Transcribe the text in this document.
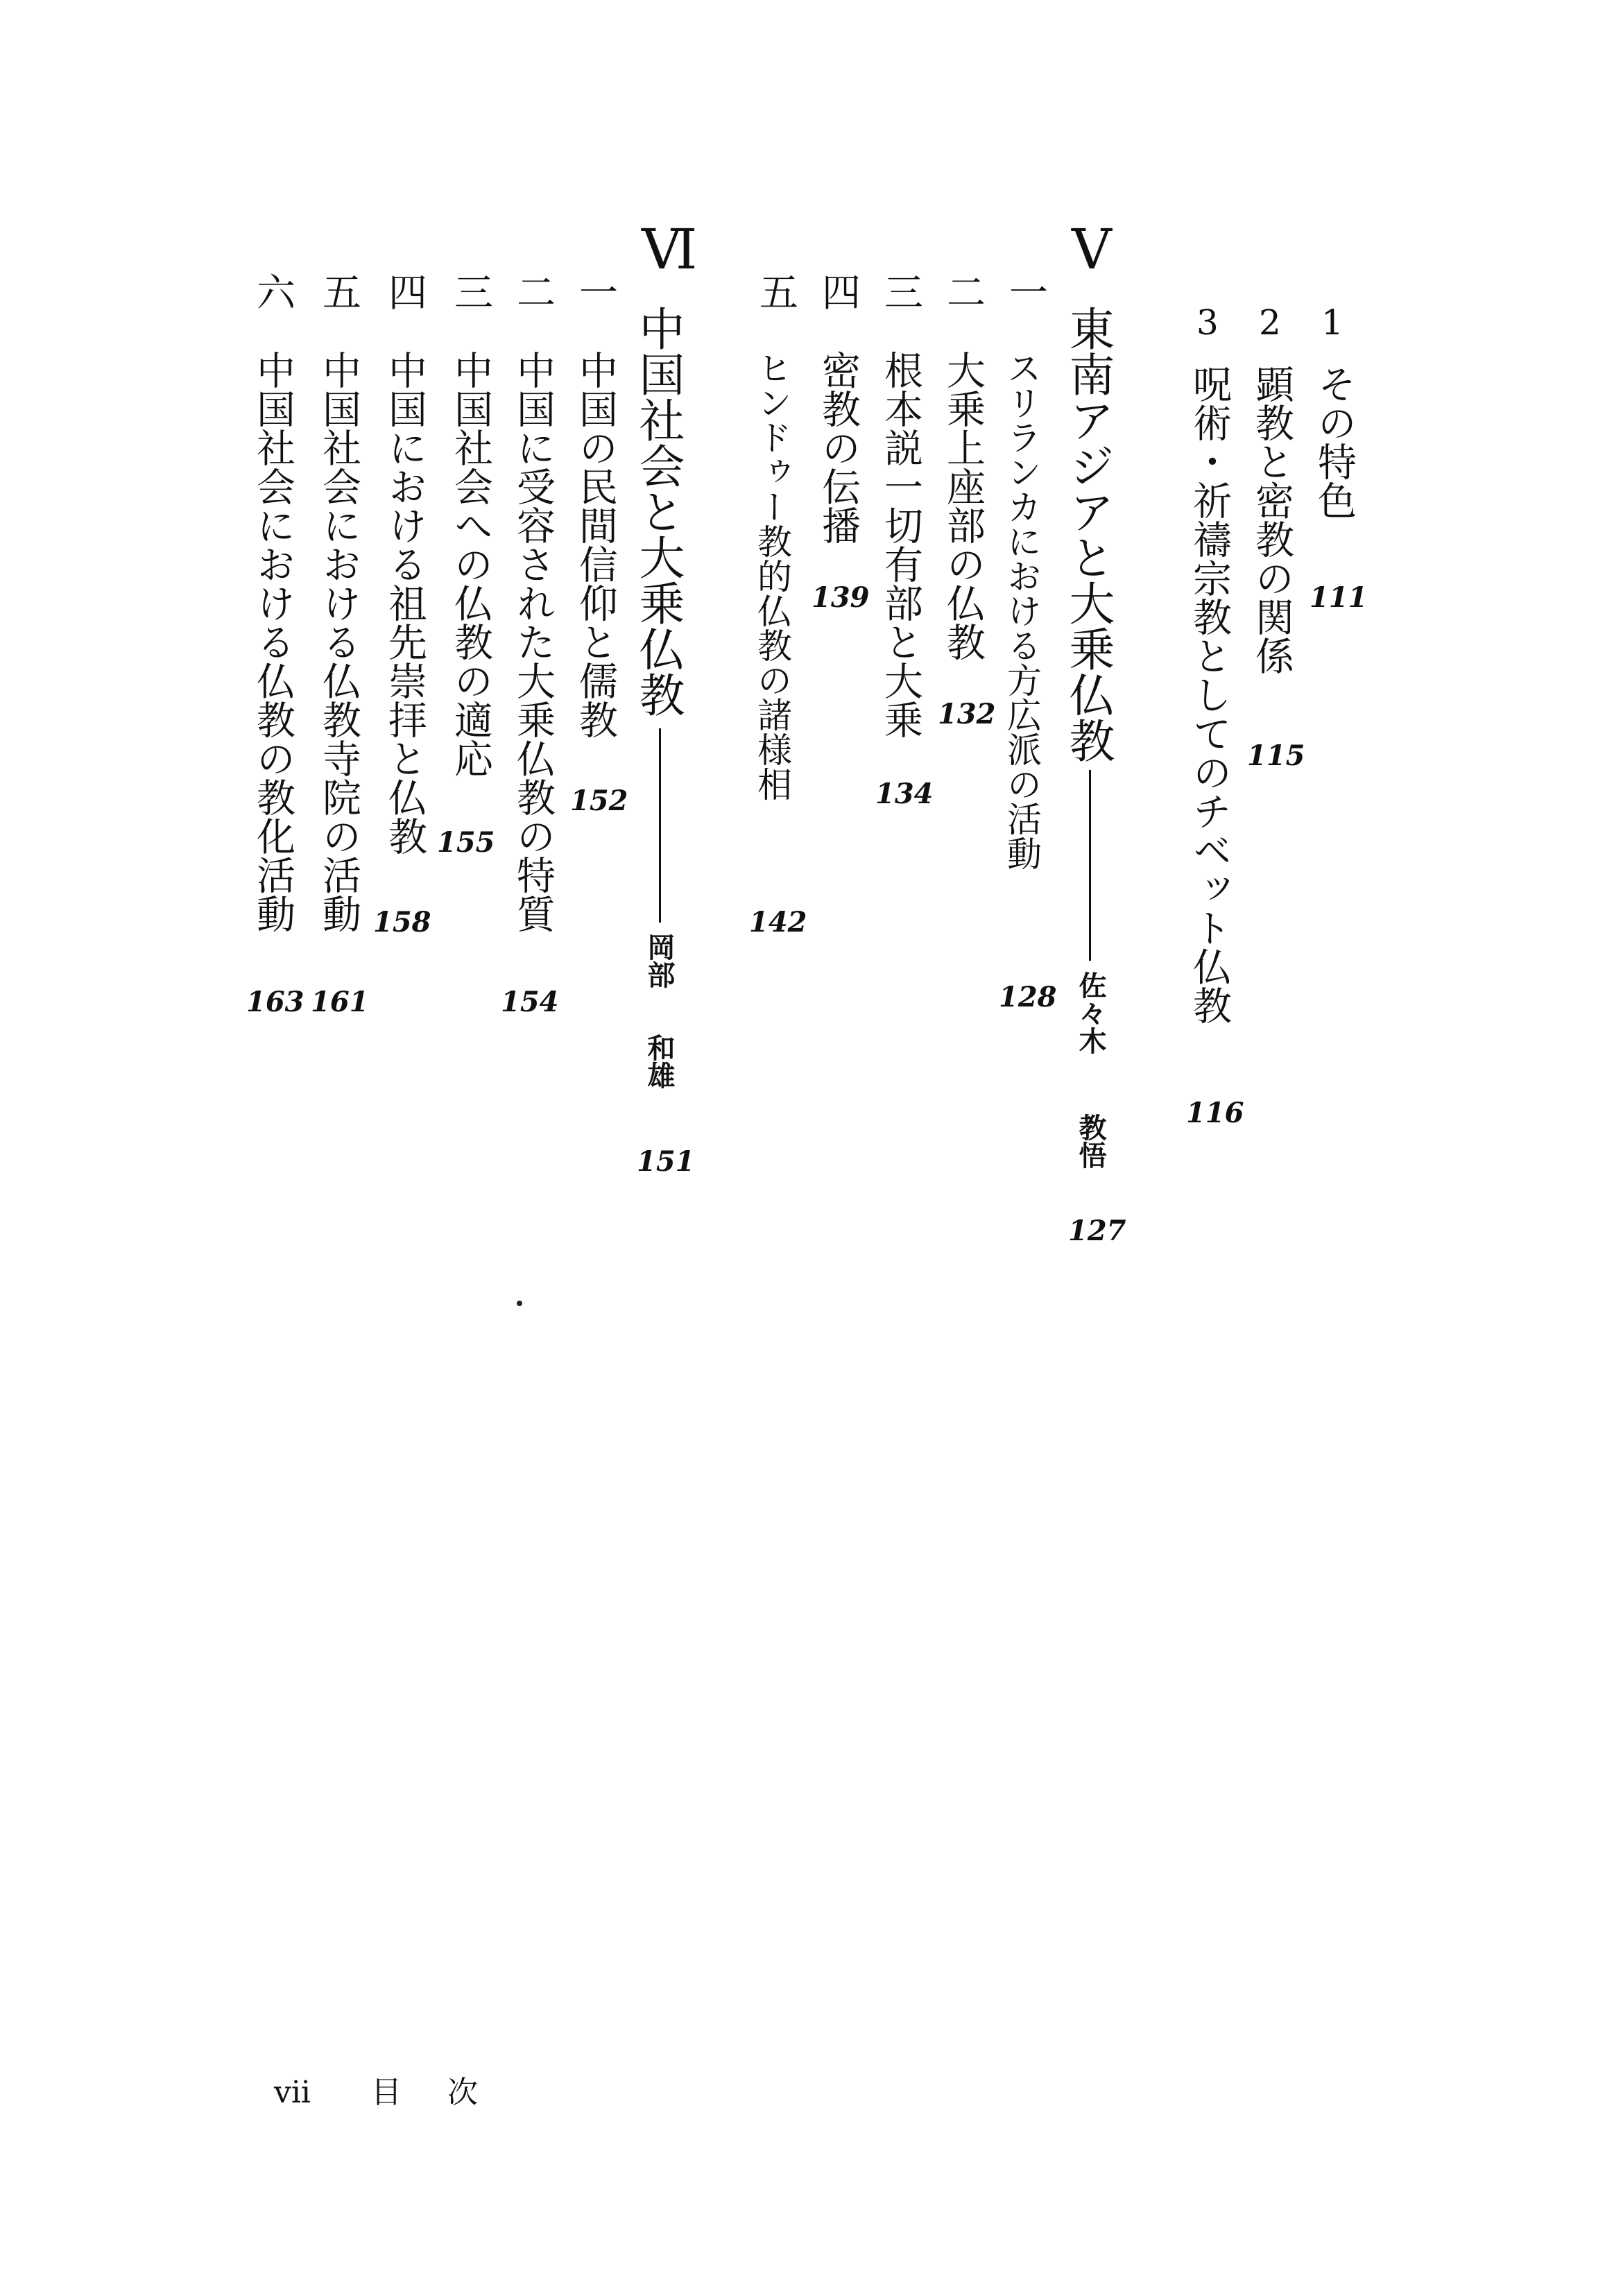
1
その特色
111
2
顕教と密教の関係
115
3
呪術・祈禱宗教としてのチベット仏教
116
Ⅴ
東南アジアと大乗仏教
佐々木
教悟
127
一
スリランカにおける方広派の活動
128
二
大乗上座部の仏教
132
三
根本説一切有部と大乗
134
四
密教の伝播
139
五
ヒンドゥー教的仏教の諸様相
142
Ⅵ
中国社会と大乗仏教
岡部
和雄
151
一
中国の民間信仰と儒教
152
二
中国に受容された大乗仏教の特質
154
三
中国社会への仏教の適応
155
四
中国における祖先崇拝と仏教
158
五
中国社会における仏教寺院の活動
161
六
中国社会における仏教の教化活動
163
vii 目 次
